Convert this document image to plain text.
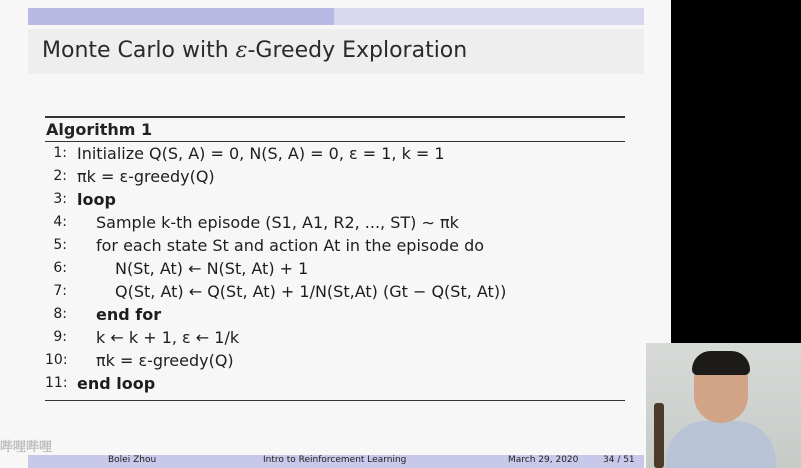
Monte Carlo with ε-Greedy Exploration
Algorithm 1
1: Initialize Q(S, A) = 0, N(S, A) = 0, ε = 1, k = 1
2: πk = ε-greedy(Q)
3: loop
4: Sample k-th episode (S1, A1, R2, ..., ST) ∼ πk
5: for each state St and action At in the episode do
6:	N(St, At) ← N(St, At) + 1
7:	Q(St, At) ← Q(St, At) + 1/N(St,At) (Gt − Q(St, At))
8: end for
9: k ← k + 1, ε ← 1/k
10: πk = ε-greedy(Q)
11: end loop
Bolei Zhou	Intro to Reinforcement Learning	March 29, 2020	34 / 51
哔哩哔哩
